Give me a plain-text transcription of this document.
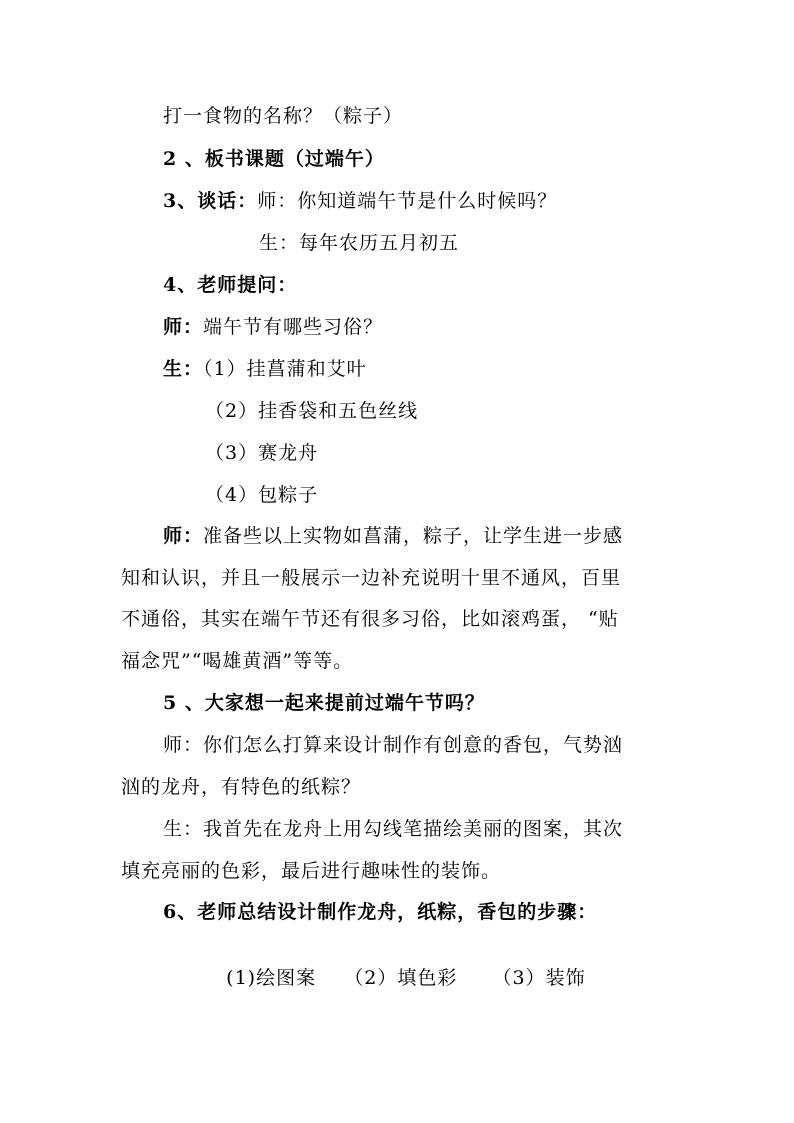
打一食物的名称？（粽子）
2 、板书课题（过端午）
3、谈话：师：你知道端午节是什么时候吗？
生：每年农历五月初五
4、老师提问：
师：端午节有哪些习俗？
生：（1）挂菖蒲和艾叶
（2）挂香袋和五色丝线
（3）赛龙舟
（4）包粽子
师：准备些以上实物如菖蒲，粽子，让学生进一步感
知和认识，并且一般展示一边补充说明十里不通风，百里
不通俗，其实在端午节还有很多习俗，比如滚鸡蛋， “贴
福念咒”“喝雄黄酒”等等。
5 、大家想一起来提前过端午节吗？
师：你们怎么打算来设计制作有创意的香包，气势汹
汹的龙舟，有特色的纸粽？
生：我首先在龙舟上用勾线笔描绘美丽的图案，其次
填充亮丽的色彩，最后进行趣味性的装饰。
6、老师总结设计制作龙舟，纸粽，香包的步骤：

(1)绘图案    （2）填色彩     （3）装饰
